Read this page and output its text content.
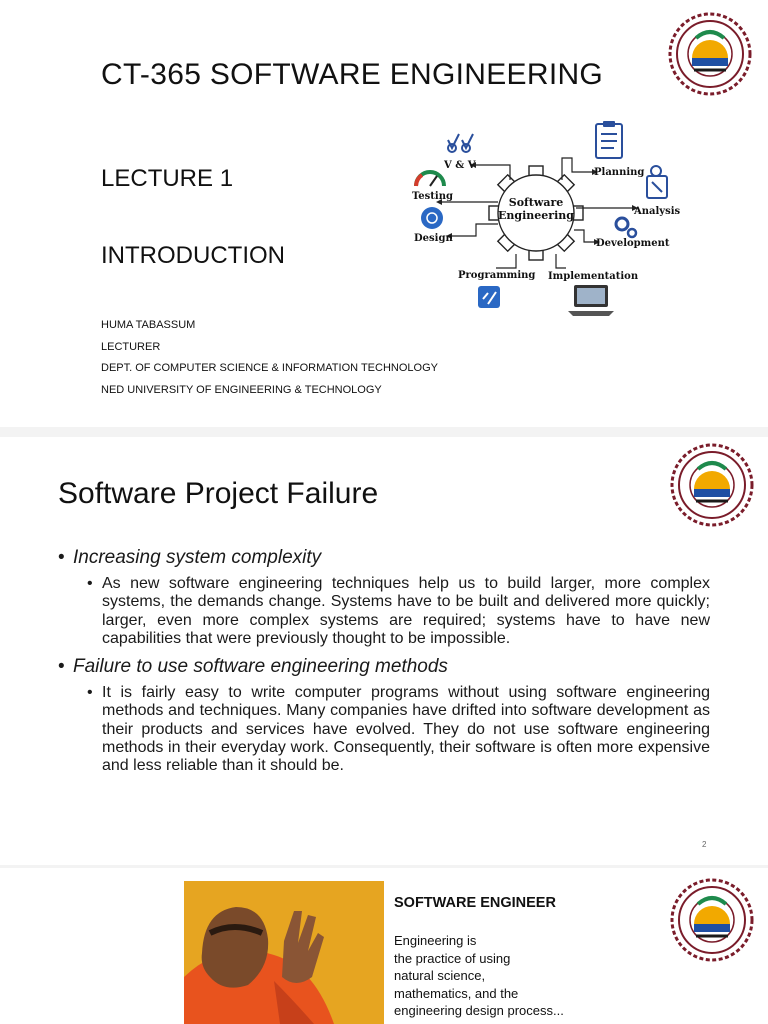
CT-365 SOFTWARE ENGINEERING
LECTURE 1
INTRODUCTION
HUMA TABASSUM
LECTURER
DEPT. OF COMPUTER SCIENCE & INFORMATION TECHNOLOGY
NED UNIVERSITY OF ENGINEERING & TECHNOLOGY
Software
Engineering
V & V
Planning
Testing
Analysis
Design	Development
Programming Implementation
Software Project Failure
• Increasing system complexity
• As new software engineering techniques help us to build larger, more complex systems, the demands change. Systems have to be built and delivered more quickly; larger, even more complex systems are required; systems have to have new capabilities that were previously thought to be impossible.
• Failure to use software engineering methods
• It is fairly easy to write computer programs without using software engineering methods and techniques. Many companies have drifted into software development as their products and services have evolved. They do not use software engineering methods in their everyday work. Consequently, their software is often more expensive and less reliable than it should be.
2
SOFTWARE ENGINEER
Engineering is
the practice of using
natural science,
mathematics, and the
engineering design process...
